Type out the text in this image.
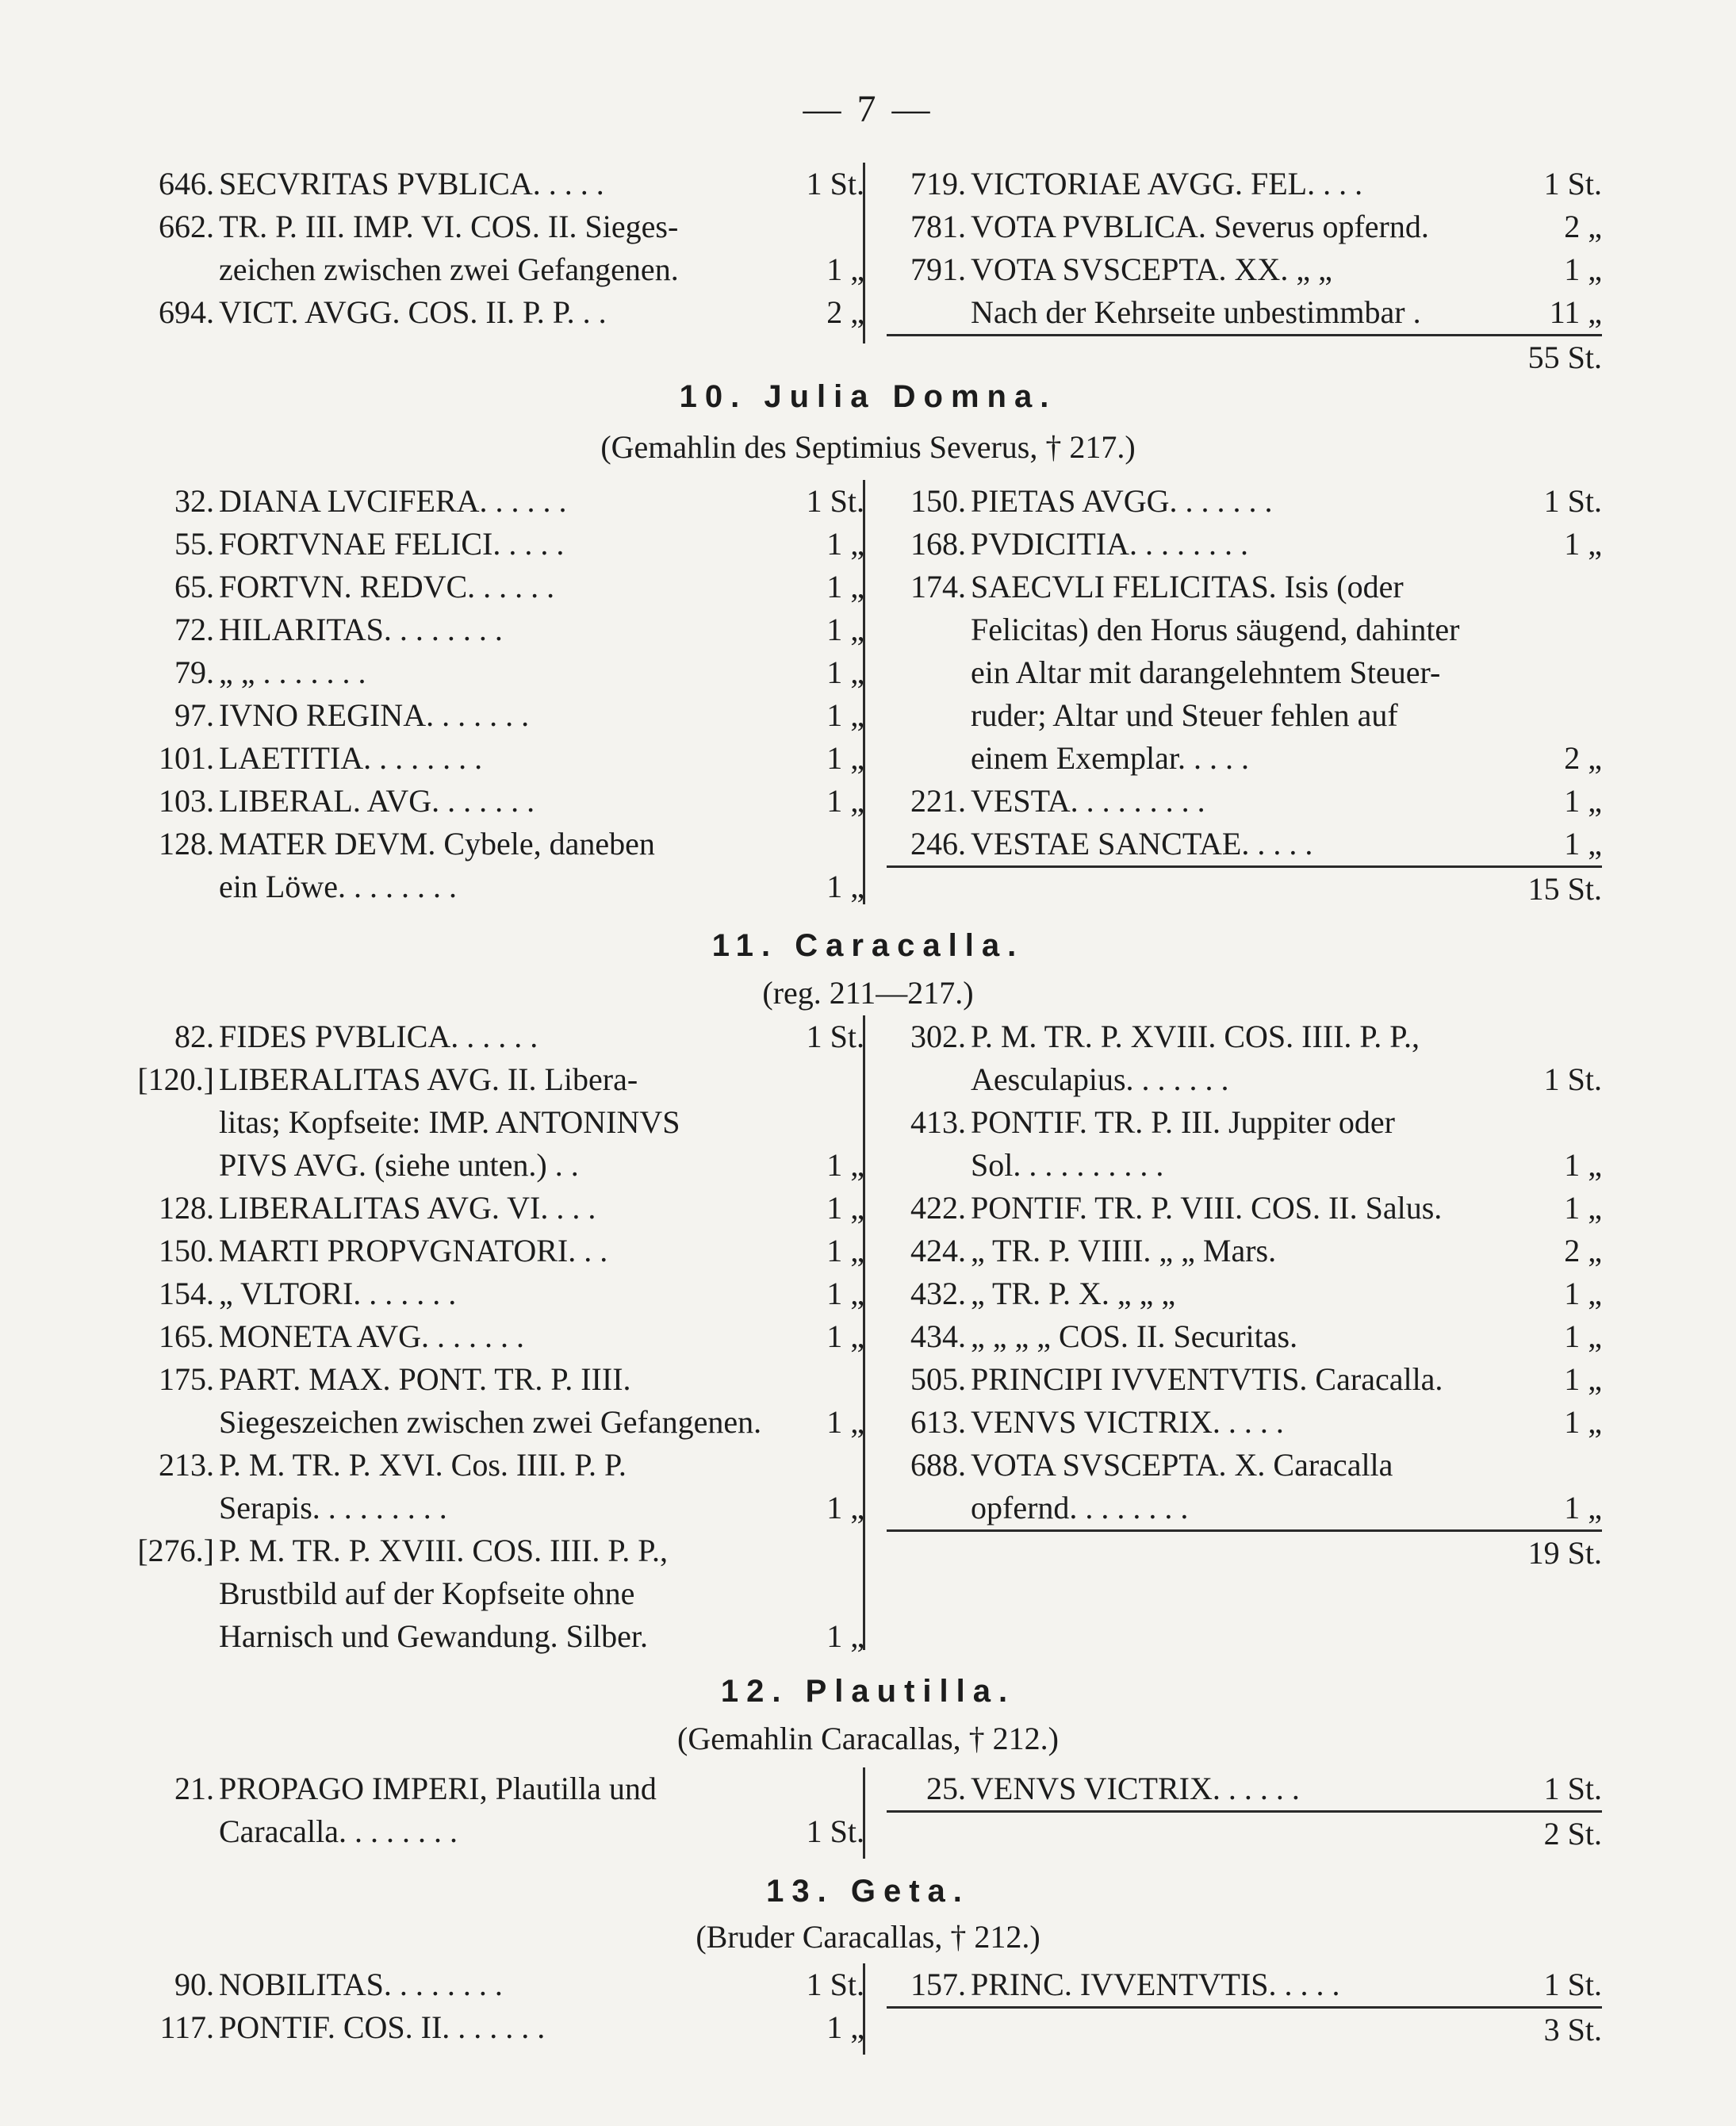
— 7 —
646. SECVRITAS PVBLICA. . . . .	1 St.
662. TR. P. III. IMP. VI. COS. II. Sieges-
zeichen zwischen zwei Gefangenen.	1 „
694. VICT. AVGG. COS. II. P. P. . .	2 „
719. VICTORIAE AVGG. FEL. . . .	1 St.
781. VOTA PVBLICA. Severus opfernd.	2 „
791. VOTA SVSCEPTA. XX. „ „	1 „
Nach der Kehrseite unbestimmbar .	11 „
55 St.
10. Julia Domna.
(Gemahlin des Septimius Severus, † 217.)
32. DIANA LVCIFERA. . . . . .	1 St.
55. FORTVNAE FELICI. . . . .	1 „
65. FORTVN. REDVC. . . . . .	1 „
72. HILARITAS. . . . . . . .	1 „
79. „ „ . . . . . . .	1 „
97. IVNO REGINA. . . . . . .	1 „
101. LAETITIA. . . . . . . .	1 „
103. LIBERAL. AVG. . . . . . .	1 „
128. MATER DEVM. Cybele, daneben
ein Löwe. . . . . . . .	1 „
150. PIETAS AVGG. . . . . . .	1 St.
168. PVDICITIA. . . . . . . .	1 „
174. SAECVLI FELICITAS. Isis (oder
Felicitas) den Horus säugend, dahinter
ein Altar mit darangelehntem Steuer-
ruder; Altar und Steuer fehlen auf
einem Exemplar. . . . .	2 „
221. VESTA. . . . . . . . .	1 „
246. VESTAE SANCTAE. . . . .	1 „
15 St.
11. Caracalla.
(reg. 211—217.)
82. FIDES PVBLICA. . . . . .	1 St.
[120.] LIBERALITAS AVG. II. Libera-
litas; Kopfseite: IMP. ANTONINVS
PIVS AVG. (siehe unten.) . .	1 „
128. LIBERALITAS AVG. VI. . . .	1 „
150. MARTI PROPVGNATORI. . .	1 „
154. „ VLTORI. . . . . . .	1 „
165. MONETA AVG. . . . . . .	1 „
175. PART. MAX. PONT. TR. P. IIII.
Siegeszeichen zwischen zwei Gefangenen. 1 „
213. P. M. TR. P. XVI. Cos. IIII. P. P.
Serapis. . . . . . . . .	1 „
[276.] P. M. TR. P. XVIII. COS. IIII. P. P.,
Brustbild auf der Kopfseite ohne
Harnisch und Gewandung. Silber.	1 „
302. P. M. TR. P. XVIII. COS. IIII. P. P.,
Aesculapius. . . . . . .	1 St.
413. PONTIF. TR. P. III. Juppiter oder
Sol. . . . . . . . . .	1 „
422. PONTIF. TR. P. VIII. COS. II. Salus.	1 „
424. „ TR. P. VIIII. „ „ Mars.	2 „
432. „ TR. P. X. „ „ „	1 „
434. „ „ „ „ COS. II. Securitas.	1 „
505. PRINCIPI IVVENTVTIS. Caracalla.	1 „
613. VENVS VICTRIX. . . . .	1 „
688. VOTA SVSCEPTA. X. Caracalla
opfernd. . . . . . . .	1 „
19 St.
12. Plautilla.
(Gemahlin Caracallas, † 212.)
21. PROPAGO IMPERI, Plautilla und
Caracalla. . . . . . . .	1 St.
25. VENVS VICTRIX. . . . . .	1 St.
2 St.
13. Geta.
(Bruder Caracallas, † 212.)
90. NOBILITAS. . . . . . . .	1 St.
117. PONTIF. COS. II. . . . . . .	1 „
157. PRINC. IVVENTVTIS. . . . .	1 St.
3 St.
